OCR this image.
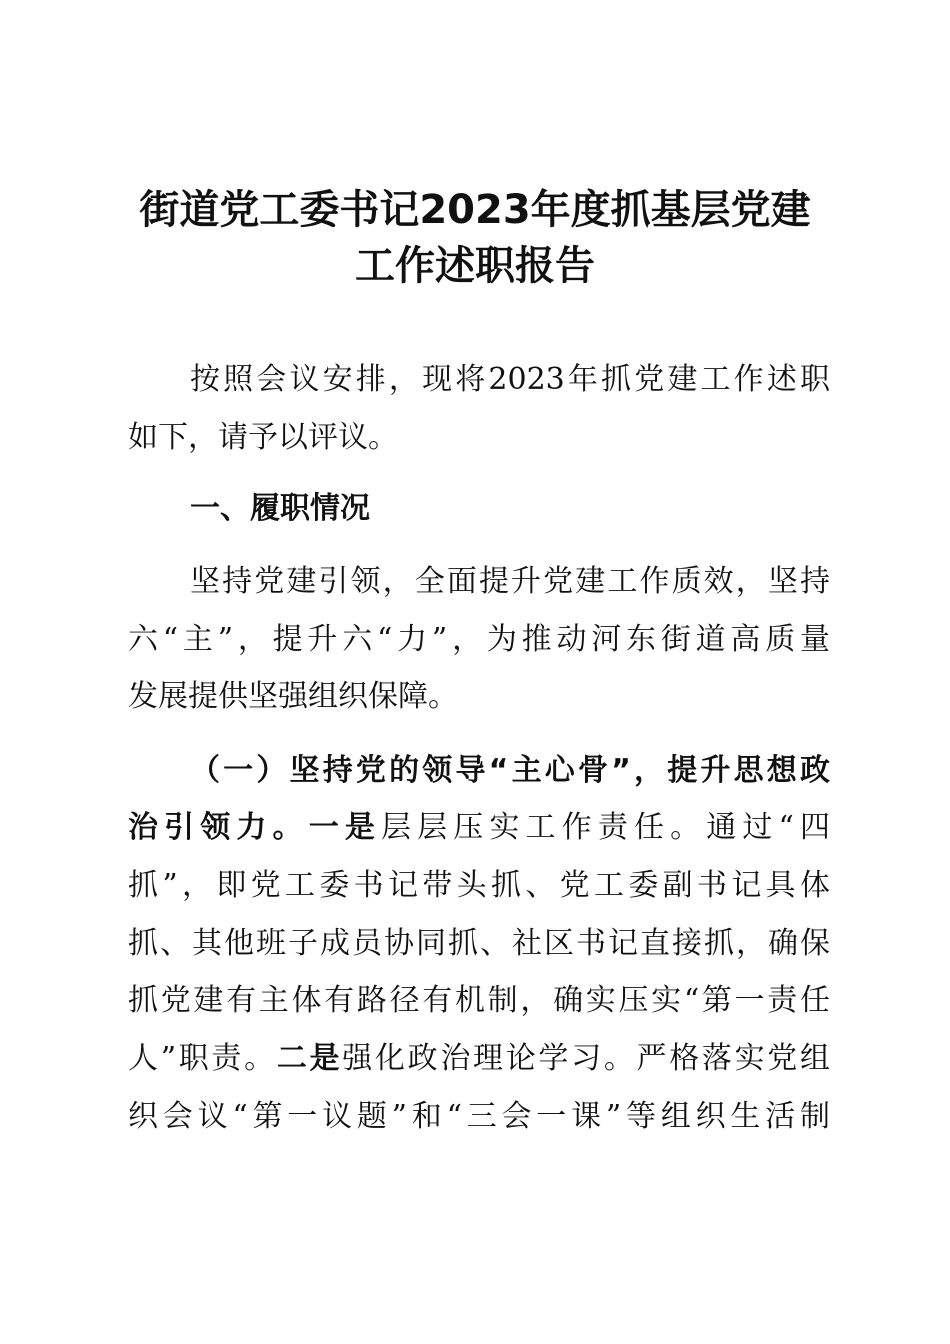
街道党工委书记2023年度抓基层党建
工作述职报告
按照会议安排，现将2023年抓党建工作述职
如下，请予以评议。
一、履职情况
坚持党建引领，全面提升党建工作质效，坚持
六“主”，提升六“力”，为推动河东街道高质量
发展提供坚强组织保障。
（一）坚持党的领导“主心骨”，提升思想政
治引领力。一是层层压实工作责任。通过“四
抓”，即党工委书记带头抓、党工委副书记具体
抓、其他班子成员协同抓、社区书记直接抓，确保
抓党建有主体有路径有机制，确实压实“第一责任
人”职责。二是强化政治理论学习。严格落实党组
织会议“第一议题”和“三会一课”等组织生活制
